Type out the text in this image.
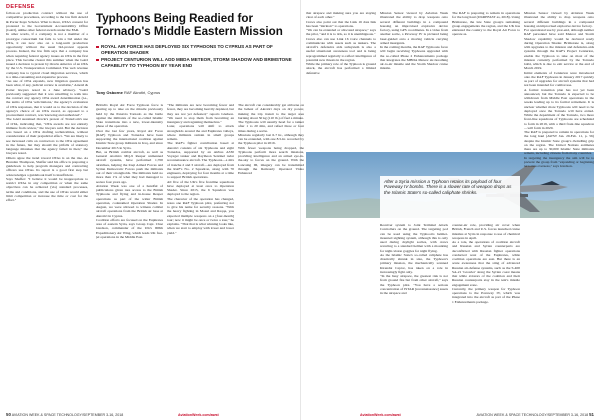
DEFENSE
follow-on production contract without the use of competitive procedures, according to the law firm Arnold & Porter Kaye Scholer. What is more, OTA's consent for protested to the Government Accountability Office (GAO), unlike other federal awards under the FAR.
In other words, if a company is not a member of a prototype consortium but fails to win a bid under the OTA, it can now also on a long-term production opportunity without the usual bid-protest appeals process. Indeed, the law firm says that a company has when requiring federal agency issues an OTA in the first place. This became clearer this summer when the GAO issued a decision to protest by Oracle America of an OTA by the U.S. Transportation Command. The web revenue company has to typical cloud migration services, which is a time-consuming and expensive process.
"As use of OTA expands, new litigation question has been what, if any, judicial review is available," Arnold & Porter lawyers noted in a June advisory. "GAO previously suggested that it was unwilling to walk into the contract any agency OTA award determination (i.e., the terms of OTA 'solicitations,' the agency's evaluation of OTA responses, that it would as to the decision of the agency's choice of an OTA award, as opposed to a procurement contract, was 'knowing and authorized'."
The GAO sustained Oracle's protest of TransCom's use of OTA, indicating that, "OTA awards are not entirely immune from review," the lawyers said. But the decision was based on a OTA drafting technicalities, without consideration of their prejudicial effect. "We are likely to see increased calls on contractors to the OTA agreement in the future, but they should the pitfalls of statutory language mistakes that the agency failed in then," the lawyers noted.
Others agree the trend toward OTAs is on the rise. As Brendan Thompson, Shaffer said his office is preparing a guidebook to help program managers and contracting officers use OTAs. Its report is a good first step but acknowledges a guidebook itself is insufficient.
Says Shaffer: "I believe it would be inappropriate to restrict OTAs in any competition or when the same objectives can be achieved (via) standard processes, terms and conditions, and the use of OTAs would either limit competition or increase the time or cost for the effort."
Typhoons Being Readied for Tornado's Middle Eastern Mission
ROYAL AIR FORCE HAS DEPLOYED SIX TYPHOONS TO CYPRUS AS PART OF OPERATION SHADER
PROJECT CENTURION WILL ADD MBDA METEOR, STORM SHADOW AND BRIMSTONE CAPABILITY TO TYPHOON BY YEAR END
Tony Osborne RAF Akrotiri, Cyprus
British's Royal Air Force Typhoon force is gearing up to take on the missile previously held by the Panavia Tornado as the battle against the militants of the so-called Islamic State transitions into a new, lower-intensity phase of the operation.
Over the last few years, Royal Air Force (RAF) Typhoon and Tornados have been supporting the international coalition against Islamic State group militants in Iraq, and since December 2015 in Syria.
But, as British combat aircraft, as well as General Atomics MQ-9 Reaper unmanned aircraft systems, have performed 1,700 airstrikes, helping the Iraqi Armed Forces and Syrian Democratic Forces push the militants out of their strongholds. The militants held no more than 1% of what they had managed to secure four years ago.
Aviation Week was one of a handful of publications given rare access to the British Typhoons and flying and in-house Reaper operations as part of the wider British operation, codenamed Operation Shader. In August, we were allowed to witness combat aircraft operations from the British air base at Akrotiri in Cyprus.
Coalition efforts are focused on the Euphrates area of eastern Syria, says Group Capt. Chaz Gledson, commander of the UK's 906th Expeditionary Air Wing, which leads UK fast-jet operations in the Middle East.
"The militants are now becoming fewer and fewer, they are becoming heavily depleted, but they are not yet defeated," reports Gledson. "We need to stop them from becoming an insurgency and regaining themselves."
Later, operations will shift to attack strongholds around the and Euphrates valleys, where militants remain in small groups remain.
The RAF's fighter contribution based at Akrotiri consists of six Typhoons and eight Tornados, supported by an Airbus A330 Voyager tanker and Raytheon Sentinel radar reconnaissance aircraft. The Typhoons—a mix of tranche 2 and 3 aircraft—are deployed from the RAF's No. 2 Squadron, along with 70 engineers, deploying for four months at a time to support British operations.
All five of the UK's five frontline squadrons have deployed at least once to Operation Shader. Since 2015, the 6 Squadron was deployed to the region.
The character of the operation has changed, notes one RAF Typhoon pilot, preferring not to give his name for security reasons. "With the heavy fighting in Mosul and Raqqa, you expected multiple weapons on a [four-month] tour; now it might be once or twice a tour," he explains. "That that is what winning looks like, when we start to employ with lower and lower yield."
The aircraft can considerably get airborne on the behest of Akrotiri days on dry power, making the trip transit to the target area burning about 50 kg (110 lb.) of fuel a minute. The Typhoons will usually head for a tanker after 1 to 20 min, and refuel three or four times during a sortie.
Missions regularly last 6-7 hr., although they can be extended, with one 8.5-hr. recorded by the Typhoon pilot in 2016.
With fewer weapons being dropped, the Typhoons perform more search missions, providing intelligence and an armed eye-in-the-sky to forces on the ground. With the Lancaing III, imagery can be transmitted through the Remotely Operated Video Enhanced
that airspace and making sure you are staying clear of each other."
Crews also point out that the Link 16 data link has been "intrinsic" to operations.
"We can be extended or allocated airspace," says the pilot, "and it is to tick, so it is unambiguous."
Crews also can use Link 16 voice channels to communicate with assets such as tankers. The aircraft's defensive aids subsystem is also a useful situational awareness tool and is being reprogrammed regularly to reflect intelligence of potential new threats in the region.
While the primary role of the Typhoon is ground attack, the aircraft has performed a limited defensive
Mission Sensor viewed by Aviation Week illustrated the ability to drop weapons onto several different buildings in a compound housing an improvised explosive device factory, using GPS coordinates. In a video from another sortie, a Paveway IV is pictured being laser-guided onto a moving vehicle carrying armed insurgents.
In the coming months, the RAF Typhoons force will begin receiving Typhoons upgraded with the so-called Phase 2 Enhancements package that integrates the MBDA Meteor air-breathing air-to-air missile and the Storm Shadow cruise missile.
The RAF is preparing to remain in operations for the long haul (UKREFAST as, 2018). Using Brimstone, the late State group's remaining group engagements the region, and the UK has entrusted the country to the Royal Air Force to operate as.
After a Syria mission a Typhoon retains its payload of four Paveway IV bombs. There is a slower rate of weapon drops as the Islamic State's so-called caliphate shrinks.
Receiver system to Joint Terminal Attack Controllers on the ground. The targeting pod can be used using the Typhoon's helmet-mounted sighting system, although this is only used during daylight sorties, with crews reverting to a standard helmet with a mounting for night-vision goggles for night flying.
As the Islamic State's so-called caliphate has drastically shrunk in size, the Typhoon's primary mission, the mechanically scanned Kirendat Captor, has taken on a role in increasingly fight only.
"In the busy airspace, the greatest risk is not from ground fire but from other aircraft," says the Typhoon pilot. "You have a serious concentration of ISTAR [reconnaissance] assets in the airspace and
counter-air role, providing air cover when British, French and U.S. forces launched cruise missiles at Syria in response to use of chemical weapons in April.
As a role, the operations of coalition aircraft and Russian and Syrian counterparts are deconflicted with Russian fighter operations conducted west of the Euphrates, while coalition operations are east. But there is an acute awareness that the sting of advanced Russian air-defense systems, such as the S-400 SA-21 'Growler' along the Syrian coast means that while aviators of the coalition and their Russian counterparts stay in the tent's missile engagement zone.
Currently, the primary weapon for Typhoon operations is the Paveway IV, which was integrated into the aircraft as part of the Phase 1 Enhancements package.
Mission Sensor viewed by Aviation Week illustrated the ability to drop weapons onto several different buildings in a compound housing an improvised explosive device factory.
For operational use by year-end, although neither RAF personnel have said Meteor and Storm Shadow capability would be declared ready during Operation Shader. Brimstone is, along with upgrades to the mission and defensive-aids systems through the RAF's Project Centurion, enable the Typhoon to take on most of the mission currently performed by the Tornado GR4, which is due to exit service at the end of March 2019.
Initial elements of Centurion were introduced onto the RAF Typhoons in January 2017 quickly as part of upgrades for aircraft systems that had not been intended for combat use.
A formal transition plan has not yet been announced, but the Tornado is expected to be withdrawn from Middle East operations in the weeks leading up to its formal retirement. It is unclear whether more Typhoons will need to be deployed once the Tornado will have exited. While the department of the Tornado, two more front-line squadrons of Typhoons are scheduled to form in 2019, with a third front-line squadron—will form in 2020.
The RAF is prepared to remain in operations for the long haul (AWST Jan. 29-Feb. 11, p. 56) despite the Islamic State group's dwindling grip on the region. The United Nations estimates there are up to 30,000 Islamic State militants remain, including citizens from many countries.
In targeting the insurgency the aim will be to prevent the group from "expanding or beginning terrorists overseas," says Gledson.
50 AVIATION WEEK & SPACE TECHNOLOGY/SEPTEMBER 3-16, 2018	AviationWeek.com/awst	AviationWeek.com/awst	AVIATION WEEK & SPACE TECHNOLOGY/SEPTEMBER 3-16, 2018 51
